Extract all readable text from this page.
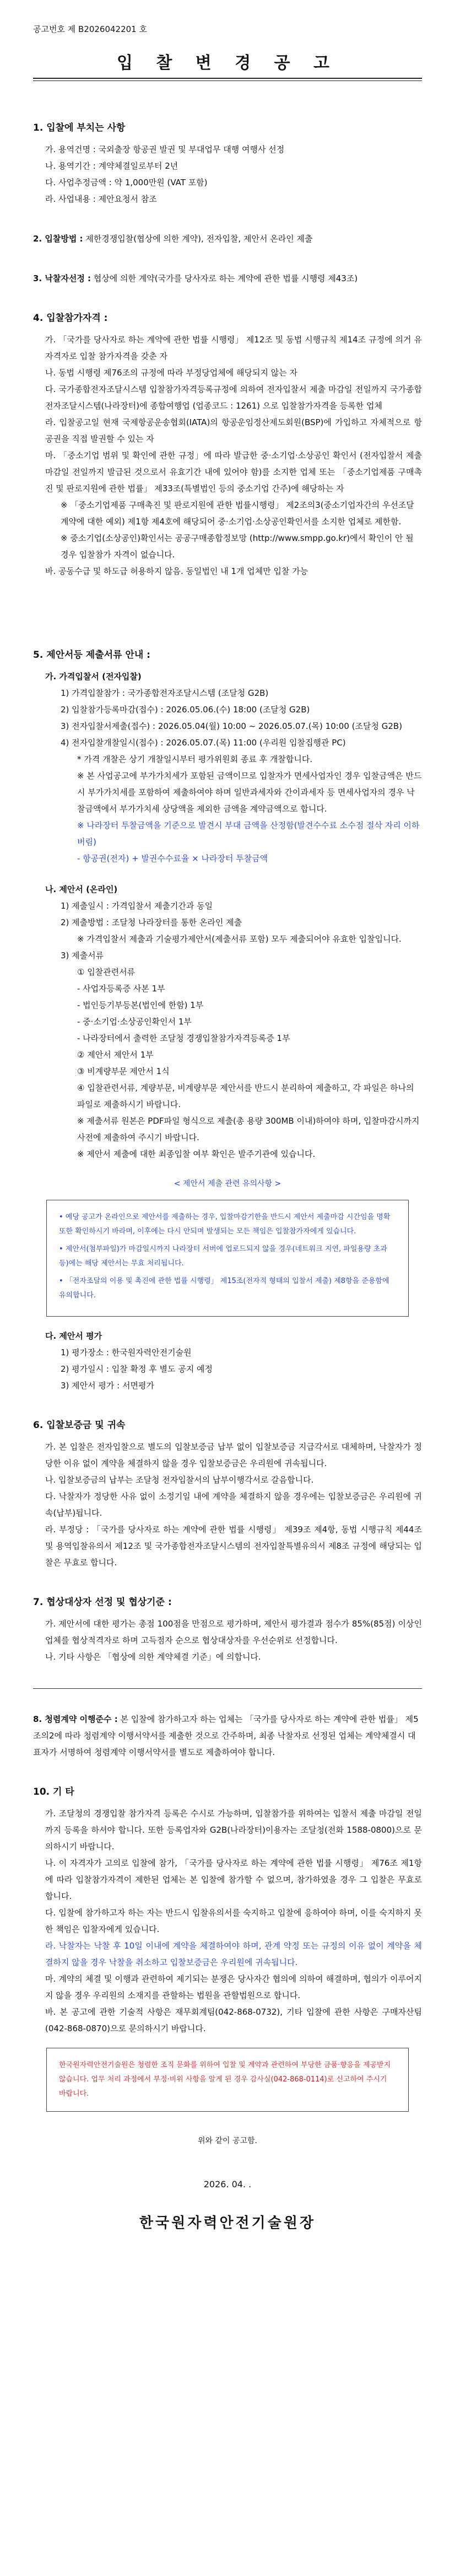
공고번호 제 B2026042201 호
입 찰 변 경 공 고
1. 입찰에 부치는 사항
가. 용역건명 : 국외출장 항공권 발권 및 부대업무 대행 여행사 선정
나. 용역기간 : 계약체결일로부터 2년
다. 사업추정금액 : 약 1,000만원 (VAT 포함)
라. 사업내용 : 제안요청서 참조
2. 입찰방법 : 제한경쟁입찰(협상에 의한 계약), 전자입찰, 제안서 온라인 제출
3. 낙찰자선정 : 협상에 의한 계약(국가를 당사자로 하는 계약에 관한 법률 시행령 제43조)
4. 입찰참가자격 :
가. 「국가를 당사자로 하는 계약에 관한 법률 시행령」 제12조 및 동법 시행규칙 제14조 규정에 의거 유자격자로 입찰 참가자격을 갖춘 자
나. 동법 시행령 제76조의 규정에 따라 부정당업체에 해당되지 않는 자
다. 국가종합전자조달시스템 입찰참가자격등록규정에 의하여 전자입찰서 제출 마감일 전일까지 국가종합전자조달시스템(나라장터)에 종합여행업 (업종코드 : 1261) 으로 입찰참가자격을 등록한 업체
라. 입찰공고일 현재 국제항공운송협회(IATA)의 항공운임정산제도회원(BSP)에 가입하고 자체적으로 항공권을 직접 발권할 수 있는 자
마. 「중소기업 범위 및 확인에 관한 규정」에 따라 발급한 중·소기업·소상공인 확인서 (전자입찰서 제출 마감일 전일까지 발급된 것으로서 유효기간 내에 있어야 함)를 소지한 업체 또는 「중소기업제품 구매촉진 및 판로지원에 관한 법률」 제33조(특별법인 등의 중소기업 간주)에 해당하는 자
※ 「중소기업제품 구매촉진 및 판로지원에 관한 법률시행령」 제2조의3(중소기업자간의 우선조달계약에 대한 예외) 제1항 제4호에 해당되어 중·소기업·소상공인확인서를 소지한 업체로 제한함.
※ 중소기업(소상공인)확인서는 공공구매종합정보망 (http://www.smpp.go.kr)에서 확인이 안 될 경우 입찰참가 자격이 없습니다.
바. 공동수급 및 하도급 허용하지 않음. 동일법인 내 1개 업체만 입찰 가능
5. 제안서등 제출서류 안내 :
가. 가격입찰서 (전자입찰)
1) 가격입찰참가 : 국가종합전자조달시스템 (조달청 G2B)
2) 입찰참가등록마감(접수) : 2026.05.06.(수) 18:00 (조달청 G2B)
3) 전자입찰서제출(접수) : 2026.05.04(월) 10:00 ~ 2026.05.07.(목) 10:00 (조달청 G2B)
4) 전자입찰개찰일시(접수) : 2026.05.07.(목) 11:00 (우리원 입찰집행관 PC)
* 가격 개찰은 상기 개찰일시부터 평가위원회 종료 후 개찰합니다.
※ 본 사업공고에 부가가치세가 포함된 금액이므로 입찰자가 면세사업자인 경우 입찰금액은 반드시 부가가치세를 포함하여 제출하여야 하며 일반과세자와 간이과세자 등 면세사업자의 경우 낙찰금액에서 부가가치세 상당액을 제외한 금액을 계약금액으로 합니다.
※ 나라장터 투찰금액을 기준으로 발견시 부대 금액을 산정함(발견수수료 소수점 절삭 자리 이하 버림)
- 항공권(전자) + 발권수수료율 × 나라장터 투찰금액
나. 제안서 (온라인)
1) 제출일시 : 가격입찰서 제출기간과 동일
2) 제출방법 : 조달청 나라장터를 통한 온라인 제출
※ 가격입찰서 제출과 기술평가제안서(제출서류 포함) 모두 제출되어야 유효한 입찰입니다.
3) 제출서류
① 입찰관련서류
- 사업자등록증 사본 1부
- 법인등기부등본(법인에 한함) 1부
- 중·소기업·소상공인확인서 1부
- 나라장터에서 출력한 조달청 경쟁입찰참가자격등록증 1부
② 제안서 제안서 1부
③ 비계량부문 제안서 1식
④ 입찰관련서류, 계량부문, 비계량부문 제안서를 반드시 분리하여 제출하고, 각 파일은 하나의 파일로 제출하시기 바랍니다.
※ 제출서류 원본은 PDF파일 형식으로 제출(총 용량 300MB 이내)하여야 하며, 입찰마감시까지 사전에 제출하여 주시기 바랍니다.
※ 제안서 제출에 대한 최종입찰 여부 확인은 발주기관에 있습니다.
< 제안서 제출 관련 유의사항 >

• 예당 공고가 온라인으로 제안서를 제출하는 경우, 입찰마감기한을 반드시 제안서 제출마감 시간임을 명확 또한 확인하시기 바라며, 이후에는 다시 안되며 발생되는 모든 책임은 입찰참가자에게 있습니다.

• 제안서(첨부파일)가 마감일시까지 나라장터 서버에 업로드되지 않을 경우(네트워크 지연, 파일용량 초과 등)에는 해당 제안서는 무효 처리됩니다.

• 「전자조달의 이용 및 촉진에 관한 법률 시행령」 제15조(전자적 형태의 입찰서 제출) 제8항을 준용함에 유의합니다.

다. 제안서 평가
1) 평가장소 : 한국원자력안전기술원
2) 평가일시 : 입찰 확정 후 별도 공지 예정
3) 제안서 평가 : 서면평가
6. 입찰보증금 및 귀속
가. 본 입찰은 전자입찰으로 별도의 입찰보증금 납부 없이 입찰보증금 지급각서로 대체하며, 낙찰자가 정당한 이유 없이 계약을 체결하지 않을 경우 입찰보증금은 우리원에 귀속됩니다.
나. 입찰보증금의 납부는 조달청 전자입찰서의 납부이행각서로 갈음합니다.
다. 낙찰자가 정당한 사유 없이 소정기일 내에 계약을 체결하지 않을 경우에는 입찰보증금은 우리원에 귀속(납부)됩니다.
라. 부정당 : 「국가를 당사자로 하는 계약에 관한 법률 시행령」 제39조 제4항, 동법 시행규칙 제44조 및 용역입찰유의서 제12조 및 국가종합전자조달시스템의 전자입찰특별유의서 제8조 규정에 해당되는 입찰은 무효로 합니다.
7. 협상대상자 선정 및 협상기준 :
가. 제안서에 대한 평가는 총점 100점을 만점으로 평가하며, 제안서 평가결과 점수가 85%(85점) 이상인 업체를 협상적격자로 하며 고득점자 순으로 협상대상자를 우선순위로 선정합니다.
나. 기타 사항은 「협상에 의한 계약체결 기준」에 의합니다.
8. 청렴계약 이행준수 : 본 입찰에 참가하고자 하는 업체는 「국가를 당사자로 하는 계약에 관한 법률」 제5조의2에 따라 청렴계약 이행서약서를 제출한 것으로 간주하며, 최종 낙찰자로 선정된 업체는 계약체결시 대표자가 서명하여 청렴계약 이행서약서를 별도로 제출하여야 합니다.
10. 기 타
가. 조달청의 경쟁입찰 참가자격 등록은 수시로 가능하며, 입찰참가를 위하여는 입찰서 제출 마감일 전일까지 등록을 하셔야 합니다. 또한 등록업자와 G2B(나라장터)이용자는 조달청(전화 1588-0800)으로 문의하시기 바랍니다.
나. 이 자격자가 고의로 입찰에 참가, 「국가를 당사자로 하는 계약에 관한 법률 시행령」 제76조 제1항에 따라 입찰참가자격이 제한된 업체는 본 입찰에 참가할 수 없으며, 참가하였을 경우 그 입찰은 무효로 합니다.
다. 입찰에 참가하고자 하는 자는 반드시 입찰유의서를 숙지하고 입찰에 응하여야 하며, 이를 숙지하지 못한 책임은 입찰자에게 있습니다.
라. 낙찰자는 낙찰 후 10일 이내에 계약을 체결하여야 하며, 관계 약정 또는 규정의 이유 없이 계약을 체결하지 않을 경우 낙찰을 취소하고 입찰보증금은 우리원에 귀속됩니다.
마. 계약의 체결 및 이행과 관련하여 제기되는 분쟁은 당사자간 협의에 의하여 해결하며, 협의가 이루어지지 않을 경우 우리원의 소재지를 관할하는 법원을 관할법원으로 합니다.
바. 본 공고에 관한 기술적 사항은 재무회계팀(042-868-0732), 기타 입찰에 관한 사항은 구매자산팀(042-868-0870)으로 문의하시기 바랍니다.
한국원자력안전기술원은 청렴한 조직 문화를 위하여 입찰 및 계약과 관련하여 부당한 금품·향응을 제공받지 않습니다. 업무 처리 과정에서 부정·비위 사항을 알게 된 경우 감사실(042-868-0114)로 신고하여 주시기 바랍니다.
위와 같이 공고함.
2026. 04. .
한국원자력안전기술원장
